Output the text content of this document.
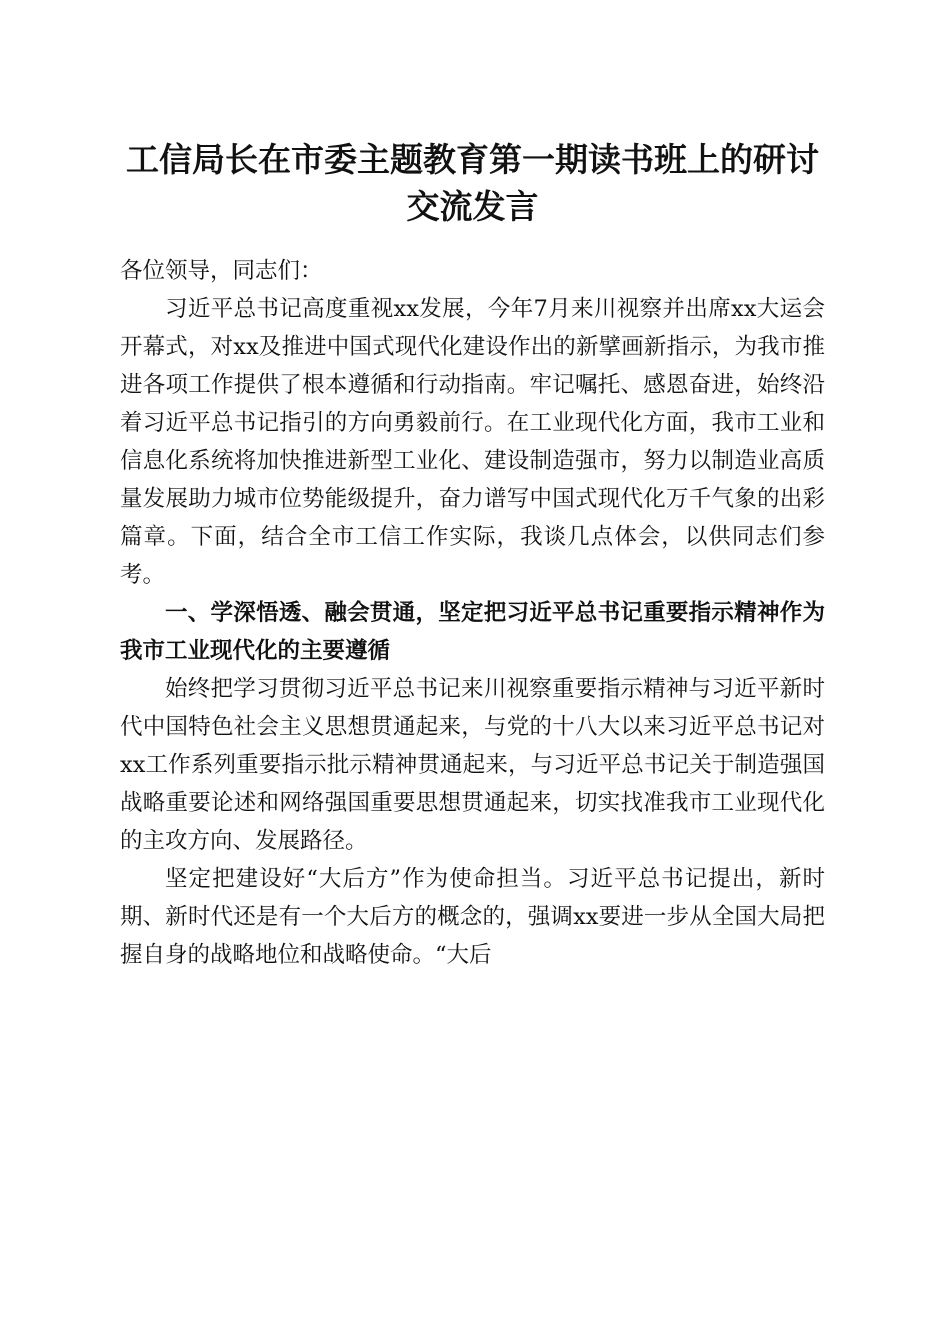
工信局长在市委主题教育第一期读书班上的研讨交流发言

各位领导，同志们：

习近平总书记高度重视xx发展，今年7月来川视察并出席xx大运会开幕式，对xx及推进中国式现代化建设作出的新擘画新指示，为我市推进各项工作提供了根本遵循和行动指南。牢记嘱托、感恩奋进，始终沿着习近平总书记指引的方向勇毅前行。在工业现代化方面，我市工业和信息化系统将加快推进新型工业化、建设制造强市，努力以制造业高质量发展助力城市位势能级提升，奋力谱写中国式现代化万千气象的出彩篇章。下面，结合全市工信工作实际，我谈几点体会，以供同志们参考。

一、学深悟透、融会贯通，坚定把习近平总书记重要指示精神作为我市工业现代化的主要遵循

始终把学习贯彻习近平总书记来川视察重要指示精神与习近平新时代中国特色社会主义思想贯通起来，与党的十八大以来习近平总书记对xx工作系列重要指示批示精神贯通起来，与习近平总书记关于制造强国战略重要论述和网络强国重要思想贯通起来，切实找准我市工业现代化的主攻方向、发展路径。

坚定把建设好“大后方”作为使命担当。习近平总书记提出，新时期、新时代还是有一个大后方的概念的，强调xx要进一步从全国大局把握自身的战略地位和战略使命。“大后
